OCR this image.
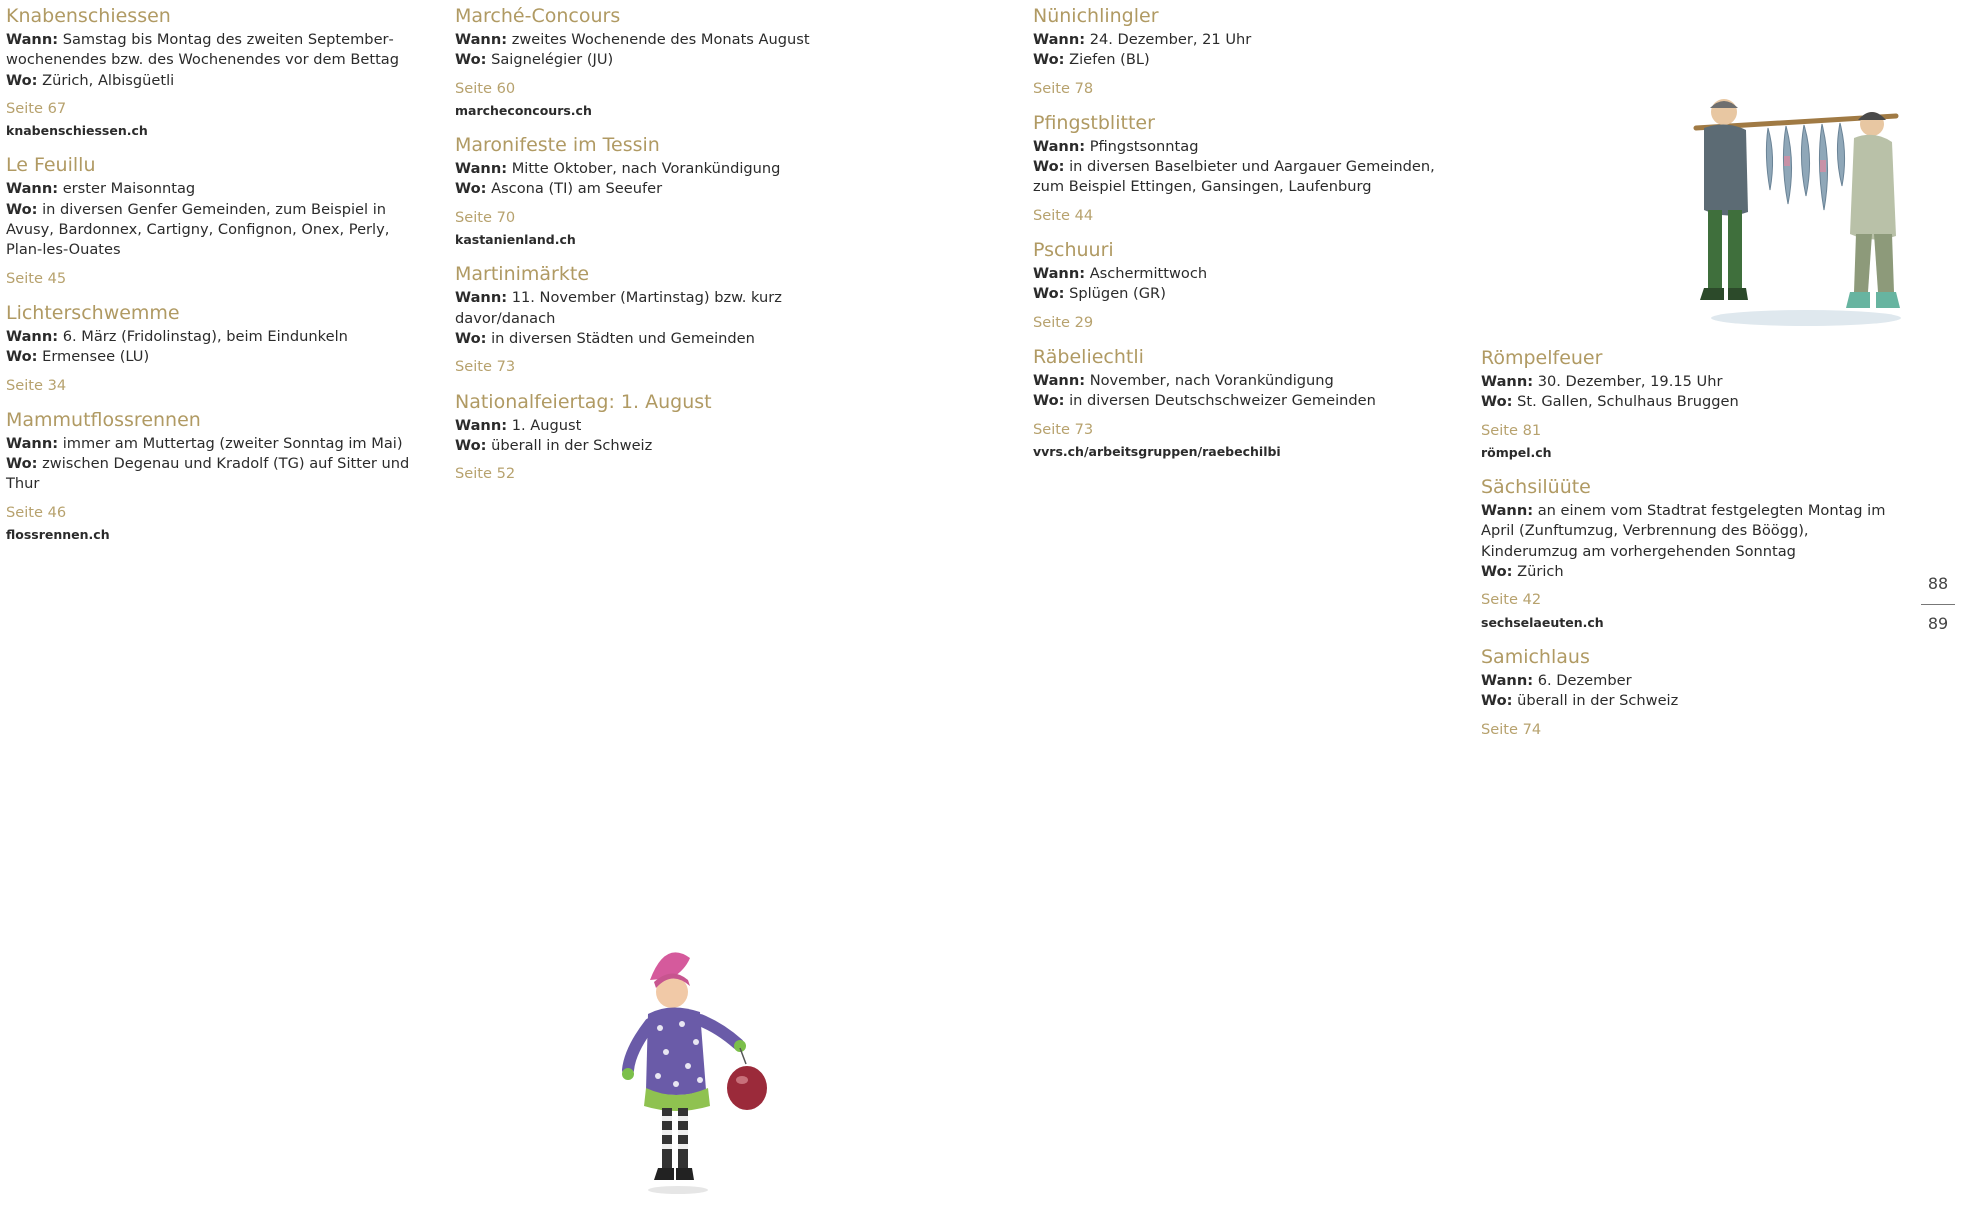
Knabenschiessen
Wann: Samstag bis Montag des zweiten Septemberwochenendes bzw. des Wochenendes vor dem Bettag
Wo: Zürich, Albisgüetli
Seite 67
knabenschiessen.ch
Le Feuillu
Wann: erster Maisonntag
Wo: in diversen Genfer Gemeinden, zum Beispiel in Avusy, Bardonnex, Cartigny, Confignon, Onex, Perly, Plan-les-Ouates
Seite 45
Lichterschwemme
Wann: 6. März (Fridolinstag), beim Eindunkeln
Wo: Ermensee (LU)
Seite 34
Mammutflossrennen
Wann: immer am Muttertag (zweiter Sonntag im Mai)
Wo: zwischen Degenau und Kradolf (TG) auf Sitter und Thur
Seite 46
flossrennen.ch
Marché-Concours
Wann: zweites Wochenende des Monats August
Wo: Saignelégier (JU)
Seite 60
marcheconcours.ch
Maronifeste im Tessin
Wann: Mitte Oktober, nach Vorankündigung
Wo: Ascona (TI) am Seeufer
Seite 70
kastanienland.ch
Martinimärkte
Wann: 11. November (Martinstag) bzw. kurz davor/danach
Wo: in diversen Städten und Gemeinden
Seite 73
Nationalfeiertag: 1. August
Wann: 1. August
Wo: überall in der Schweiz
Seite 52
Nünichlingler
Wann: 24. Dezember, 21 Uhr
Wo: Ziefen (BL)
Seite 78
Pfingstblitter
Wann: Pfingstsonntag
Wo: in diversen Baselbieter und Aargauer Gemeinden, zum Beispiel Ettingen, Gansingen, Laufenburg
Seite 44
Pschuuri
Wann: Aschermittwoch
Wo: Splügen (GR)
Seite 29
Räbeliechtli
Wann: November, nach Vorankündigung
Wo: in diversen Deutschschweizer Gemeinden
Seite 73
vvrs.ch/arbeitsgruppen/raebechilbi
Römpelfeuer
Wann: 30. Dezember, 19.15 Uhr
Wo: St. Gallen, Schulhaus Bruggen
Seite 81
römpel.ch
Sächsilüüte
Wann: an einem vom Stadtrat festgelegten Montag im April (Zunftumzug, Verbrennung des Böögg), Kinderumzug am vorhergehenden Sonntag
Wo: Zürich
Seite 42
sechselaeuten.ch
Samichlaus
Wann: 6. Dezember
Wo: überall in der Schweiz
Seite 74
88
89
